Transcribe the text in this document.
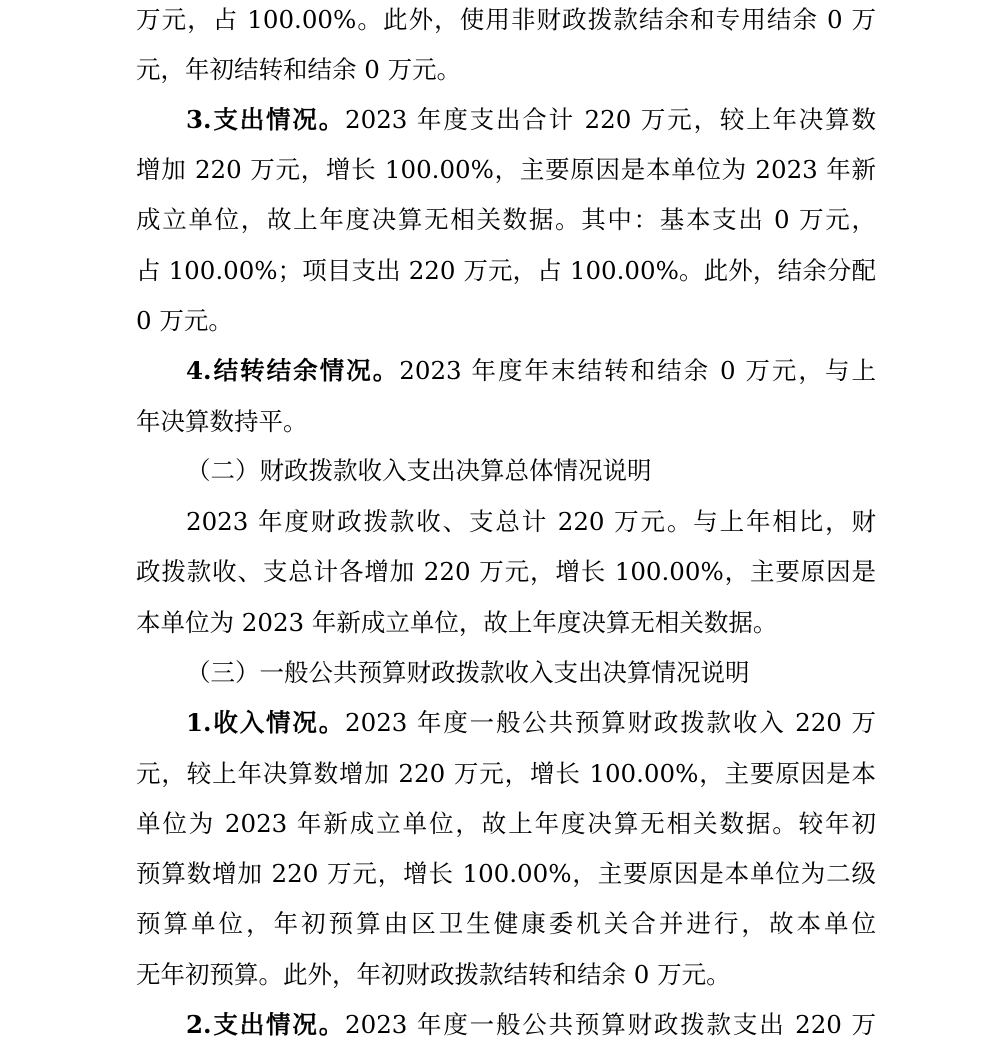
万元，占 100.00%。此外，使用非财政拨款结余和专用结余 0 万
元，年初结转和结余 0 万元。
3.支出情况。2023 年度支出合计 220 万元，较上年决算数
增加 220 万元，增长 100.00%，主要原因是本单位为 2023 年新
成立单位，故上年度决算无相关数据。其中：基本支出 0 万元，
占 100.00%；项目支出 220 万元，占 100.00%。此外，结余分配
0 万元。
4.结转结余情况。2023 年度年末结转和结余 0 万元，与上
年决算数持平。
（二）财政拨款收入支出决算总体情况说明
2023 年度财政拨款收、支总计 220 万元。与上年相比，财
政拨款收、支总计各增加 220 万元，增长 100.00%，主要原因是
本单位为 2023 年新成立单位，故上年度决算无相关数据。
（三）一般公共预算财政拨款收入支出决算情况说明
1.收入情况。2023 年度一般公共预算财政拨款收入 220 万
元，较上年决算数增加 220 万元，增长 100.00%，主要原因是本
单位为 2023 年新成立单位，故上年度决算无相关数据。较年初
预算数增加 220 万元，增长 100.00%，主要原因是本单位为二级
预算单位，年初预算由区卫生健康委机关合并进行，故本单位
无年初预算。此外，年初财政拨款结转和结余 0 万元。
2.支出情况。2023 年度一般公共预算财政拨款支出 220 万
